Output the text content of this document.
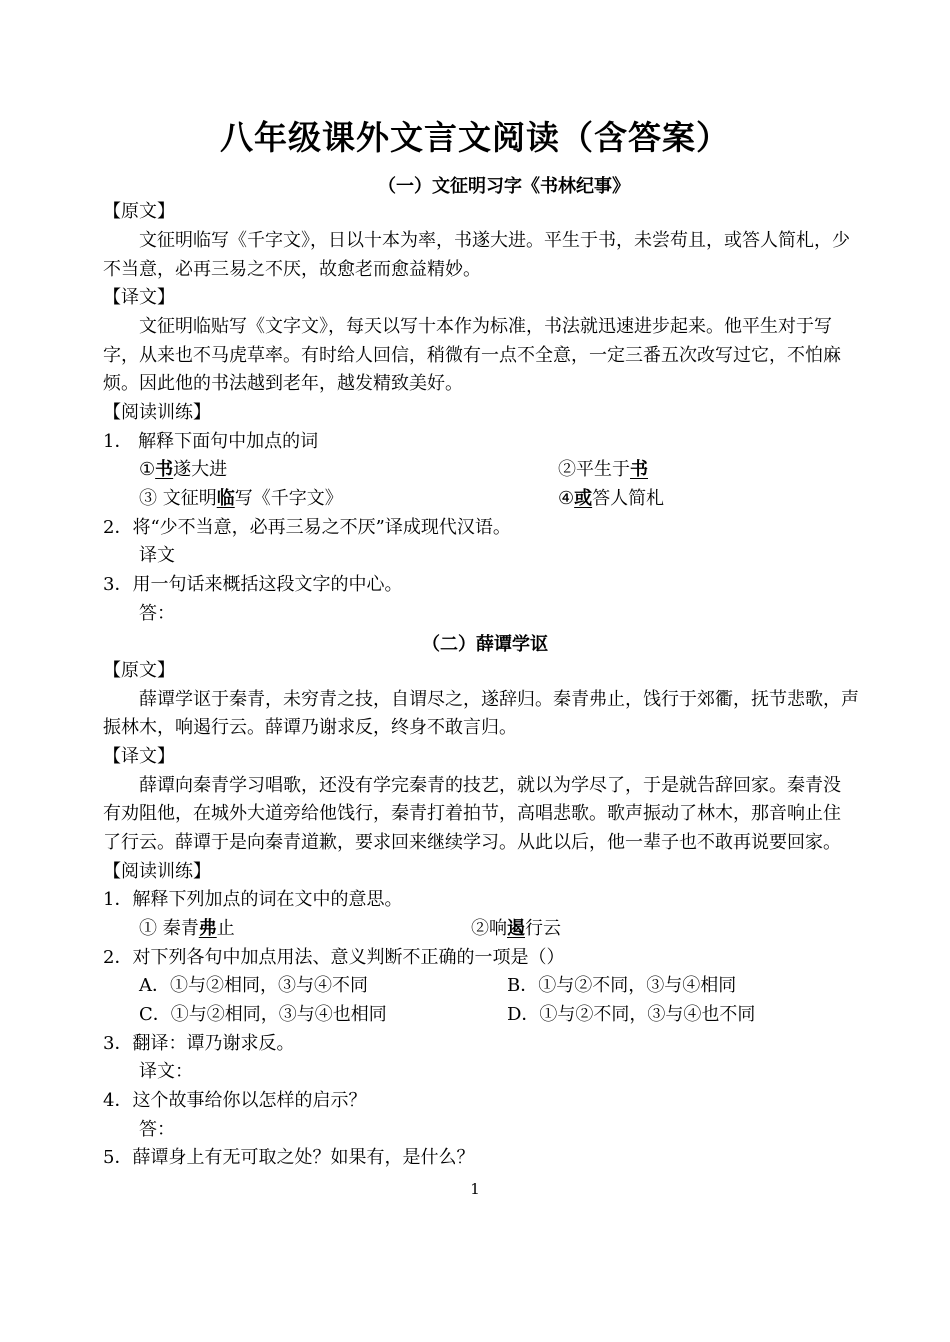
八年级课外文言文阅读（含答案）
（一）文征明习字《书林纪事》
【原文】
文征明临写《千字文》，日以十本为率，书遂大进。平生于书，未尝苟且，或答人简札，少
不当意，必再三易之不厌，故愈老而愈益精妙。
【译文】
文征明临贴写《文字文》，每天以写十本作为标准，书法就迅速进步起来。他平生对于写
字，从来也不马虎草率。有时给人回信，稍微有一点不全意，一定三番五次改写过它，不怕麻
烦。因此他的书法越到老年，越发精致美好。
【阅读训练】
1． 解释下面句中加点的词
①书遂大进	②平生于书
③ 文征明临写《千字文》	④或答人简札
2．将“少不当意，必再三易之不厌”译成现代汉语。
译文
3．用一句话来概括这段文字的中心。
答：
（二）薛谭学讴
【原文】
薛谭学讴于秦青，未穷青之技，自谓尽之，遂辞归。秦青弗止，饯行于郊衢，抚节悲歌，声
振林木，响遏行云。薛谭乃谢求反，终身不敢言归。
【译文】
薛谭向秦青学习唱歌，还没有学完秦青的技艺，就以为学尽了，于是就告辞回家。秦青没
有劝阻他，在城外大道旁给他饯行，秦青打着拍节，高唱悲歌。歌声振动了林木，那音响止住
了行云。薛谭于是向秦青道歉，要求回来继续学习。从此以后，他一辈子也不敢再说要回家。
【阅读训练】
1．解释下列加点的词在文中的意思。
① 秦青弗止	②响遏行云
2．对下列各句中加点用法、意义判断不正确的一项是（）
A．①与②相同，③与④不同	B．①与②不同，③与④相同
C．①与②相同，③与④也相同	D．①与②不同，③与④也不同
3．翻译：谭乃谢求反。
译文：
4．这个故事给你以怎样的启示？
答：
5．薛谭身上有无可取之处？如果有，是什么？
1
